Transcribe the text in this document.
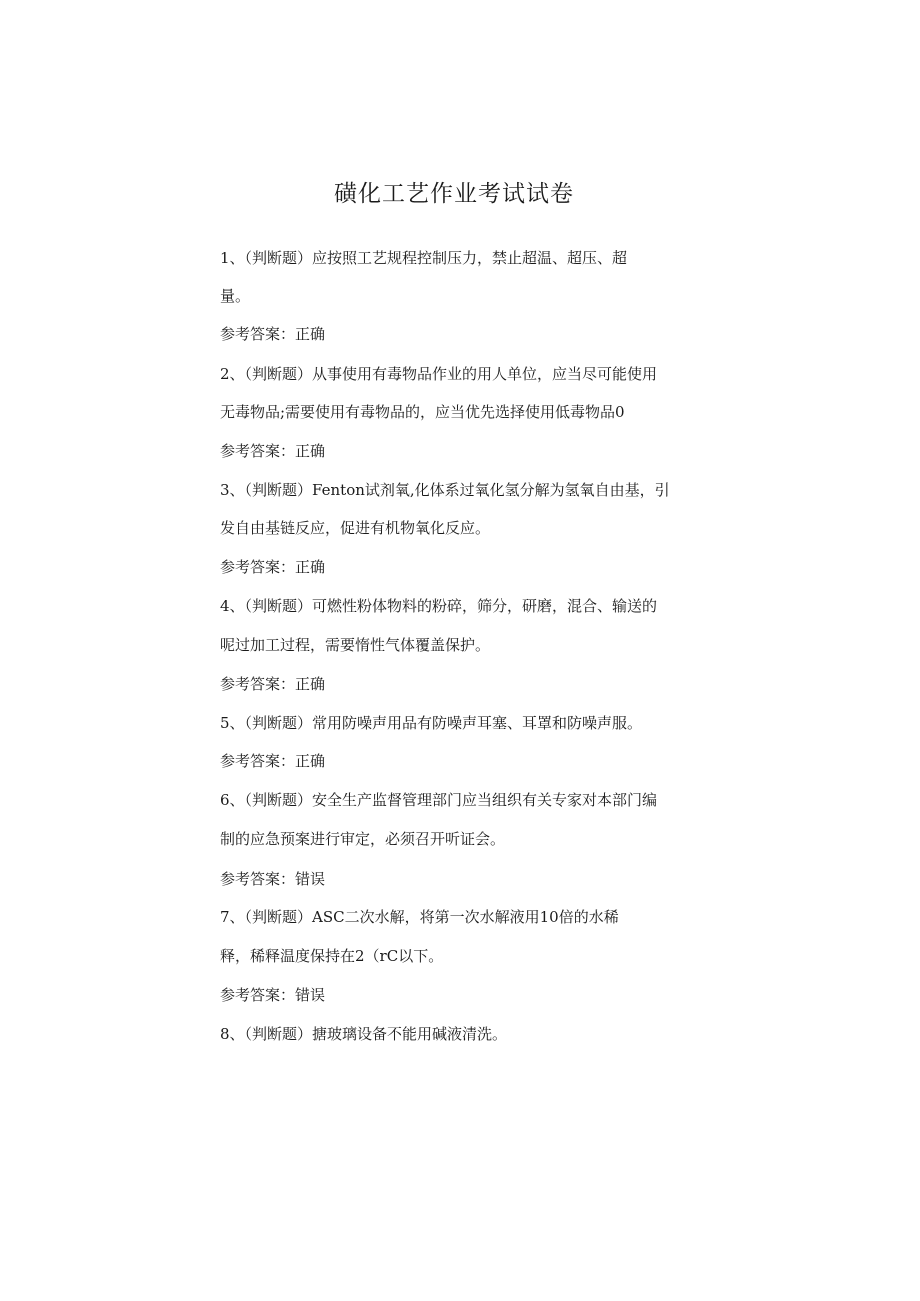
磺化工艺作业考试试卷

1、（判断题）应按照工艺规程控制压力，禁止超温、超压、超

量。

参考答案：正确

2、（判断题）从事使用有毒物品作业的用人单位，应当尽可能使用

无毒物品;需要使用有毒物品的，应当优先选择使用低毒物品0

参考答案：正确

3、（判断题）Fenton试剂氧,化体系过氧化氢分解为氢氧自由基，引

发自由基链反应，促进有机物氧化反应。

参考答案：正确

4、（判断题）可燃性粉体物料的粉碎，筛分，研磨，混合、输送的

呢过加工过程，需要惰性气体覆盖保护。

参考答案：正确

5、（判断题）常用防噪声用品有防噪声耳塞、耳罩和防噪声服。

参考答案：正确

6、（判断题）安全生产监督管理部门应当组织有关专家对本部门编

制的应急预案进行审定，必须召开听证会。

参考答案：错误

7、（判断题）ASC二次水解，将第一次水解液用10倍的水稀

释，稀释温度保持在2（rC以下。

参考答案：错误

8、（判断题）搪玻璃设备不能用碱液清洗。
